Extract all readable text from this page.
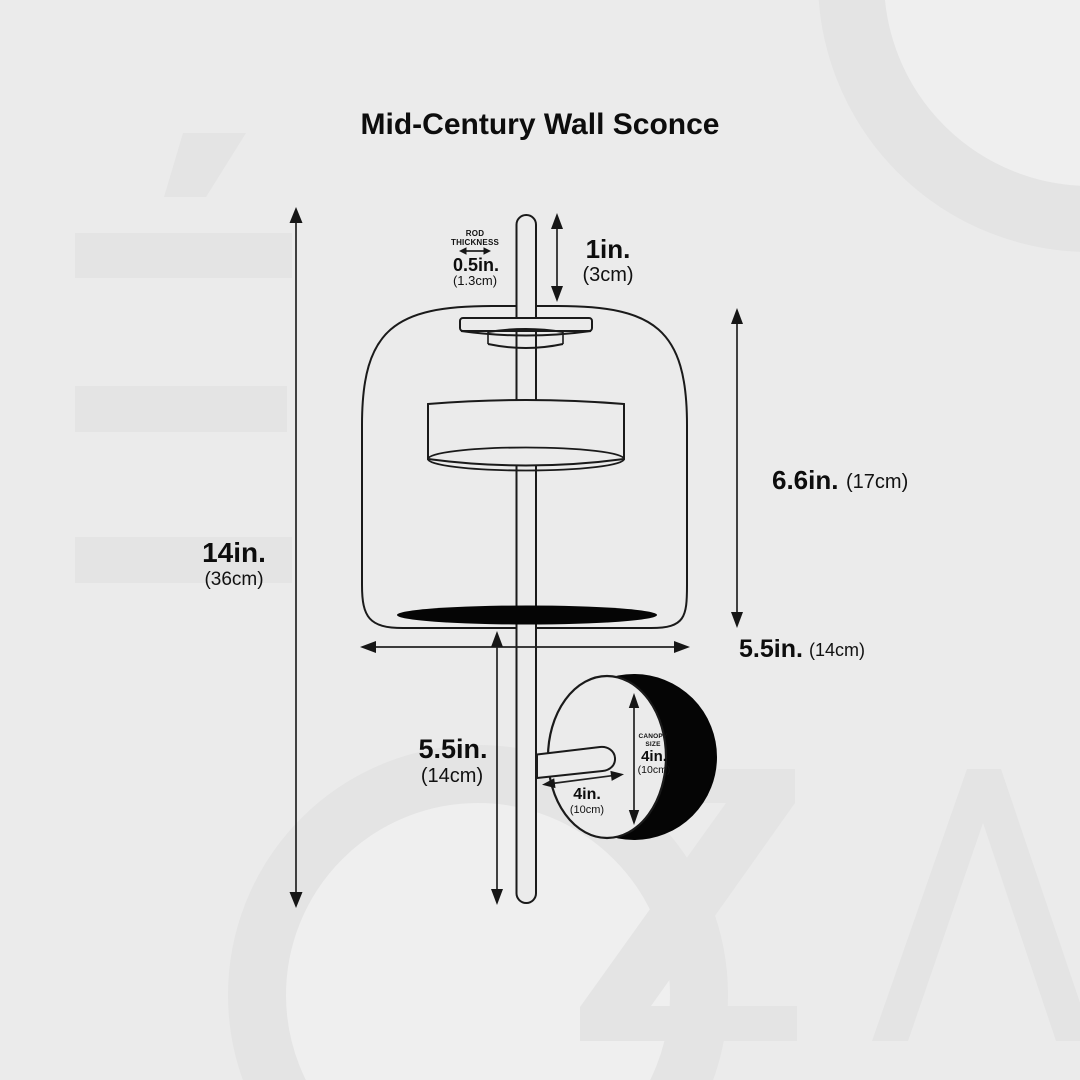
Mid-Century Wall Sconce
14in.
(36cm)
ROD
THICKNESS
0.5in.
(1.3cm)
1in.
(3cm)
6.6in. (17cm)
5.5in. (14cm)
5.5in.
(14cm)
CANOPY
SIZE
4in.
(10cm)
4in.
(10cm)
